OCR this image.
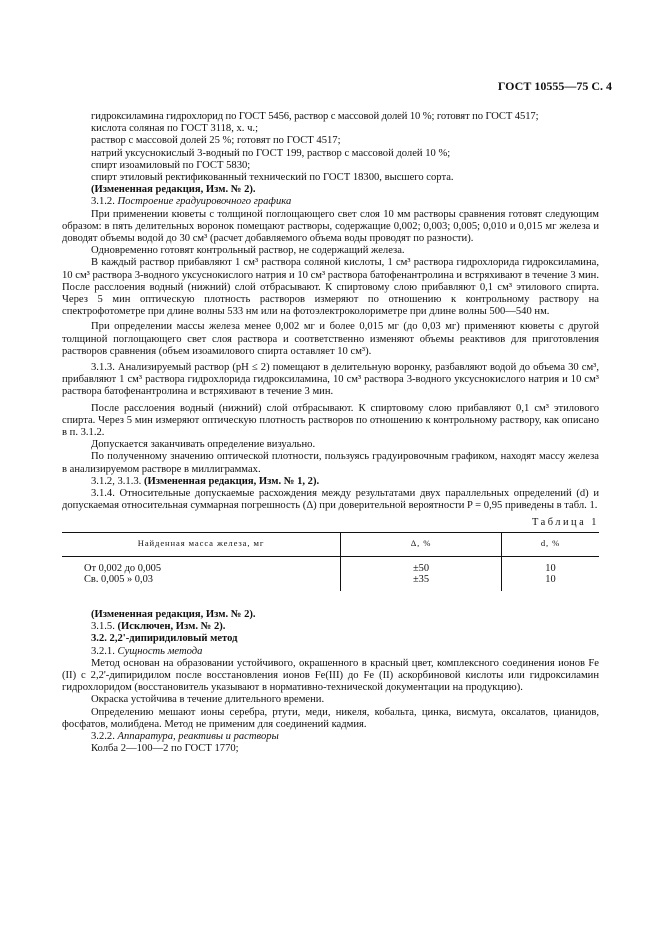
ГОСТ 10555—75 С. 4

гидроксиламина гидрохлорид по ГОСТ 5456, раствор с массовой долей 10 %; готовят по ГОСТ 4517;

кислота соляная по ГОСТ 3118, х. ч.;

раствор с массовой долей 25 %; готовят по ГОСТ 4517;

натрий уксуснокислый 3-водный по ГОСТ 199, раствор с массовой долей 10 %;

спирт изоамиловый по ГОСТ 5830;

спирт этиловый ректификованный технический по ГОСТ 18300, высшего сорта.

(Измененная редакция, Изм. № 2).

3.1.2. Построение градуировочного графика

При применении кюветы с толщиной поглощающего свет слоя 10 мм растворы сравнения готовят следующим образом: в пять делительных воронок помещают растворы, содержащие 0,002; 0,003; 0,005; 0,010 и 0,015 мг железа и доводят объемы водой до 30 см³ (расчет добавляемого объема воды проводят по разности).

Одновременно готовят контрольный раствор, не содержащий железа.

В каждый раствор прибавляют 1 см³ раствора соляной кислоты, 1 см³ раствора гидрохлорида гидроксиламина, 10 см³ раствора 3-водного уксуснокислого натрия и 10 см³ раствора батофенантролина и встряхивают в течение 3 мин. После расслоения водный (нижний) слой отбрасывают. К спиртовому слою прибавляют 0,1 см³ этилового спирта. Через 5 мин оптическую плотность растворов измеряют по отношению к контрольному раствору на спектрофотометре при длине волны 533 нм или на фотоэлектроколориметре при длине волны 500—540 нм.

При определении массы железа менее 0,002 мг и более 0,015 мг (до 0,03 мг) применяют кюветы с другой толщиной поглощающего свет слоя раствора и соответственно изменяют объемы реактивов для приготовления растворов сравнения (объем изоамилового спирта оставляет 10 см³).

3.1.3. Анализируемый раствор (pH ≤ 2) помещают в делительную воронку, разбавляют водой до объема 30 см³, прибавляют 1 см³ раствора гидрохлорида гидроксиламина, 10 см³ раствора 3-водного уксуснокислого натрия и 10 см³ раствора батофенантролина и встряхивают в течение 3 мин.

После расслоения водный (нижний) слой отбрасывают. К спиртовому слою прибавляют 0,1 см³ этилового спирта. Через 5 мин измеряют оптическую плотность растворов по отношению к контрольному раствору, как описано в п. 3.1.2.

Допускается заканчивать определение визуально.

По полученному значению оптической плотности, пользуясь градуировочным графиком, находят массу железа в анализируемом растворе в миллиграммах.

3.1.2, 3.1.3. (Измененная редакция, Изм. № 1, 2).

3.1.4. Относительные допускаемые расхождения между результатами двух параллельных определений (d) и допускаемая относительная суммарная погрешность (Δ) при доверительной вероятности P = 0,95 приведены в табл. 1.

Таблица 1
Найденная масса железа, мг	Δ, %	d, %
От 0,002 до 0,005	±50	10
Св. 0,005 » 0,03	±35	10

(Измененная редакция, Изм. № 2).

3.1.5. (Исключен, Изм. № 2).

3.2. 2,2'-дипиридиловый метод

3.2.1. Сущность метода

Метод основан на образовании устойчивого, окрашенного в красный цвет, комплексного соединения ионов Fe (II) с 2,2'-дипиридилом после восстановления ионов Fe(III) до Fe (II) аскорбиновой кислоты или гидроксиламин гидрохлоридом (восстановитель указывают в нормативно-технической документации на продукцию).

Окраска устойчива в течение длительного времени.

Определению мешают ионы серебра, ртути, меди, никеля, кобальта, цинка, висмута, оксалатов, цианидов, фосфатов, молибдена. Метод не применим для соединений кадмия.

3.2.2. Аппаратура, реактивы и растворы

Колба 2—100—2 по ГОСТ 1770;
